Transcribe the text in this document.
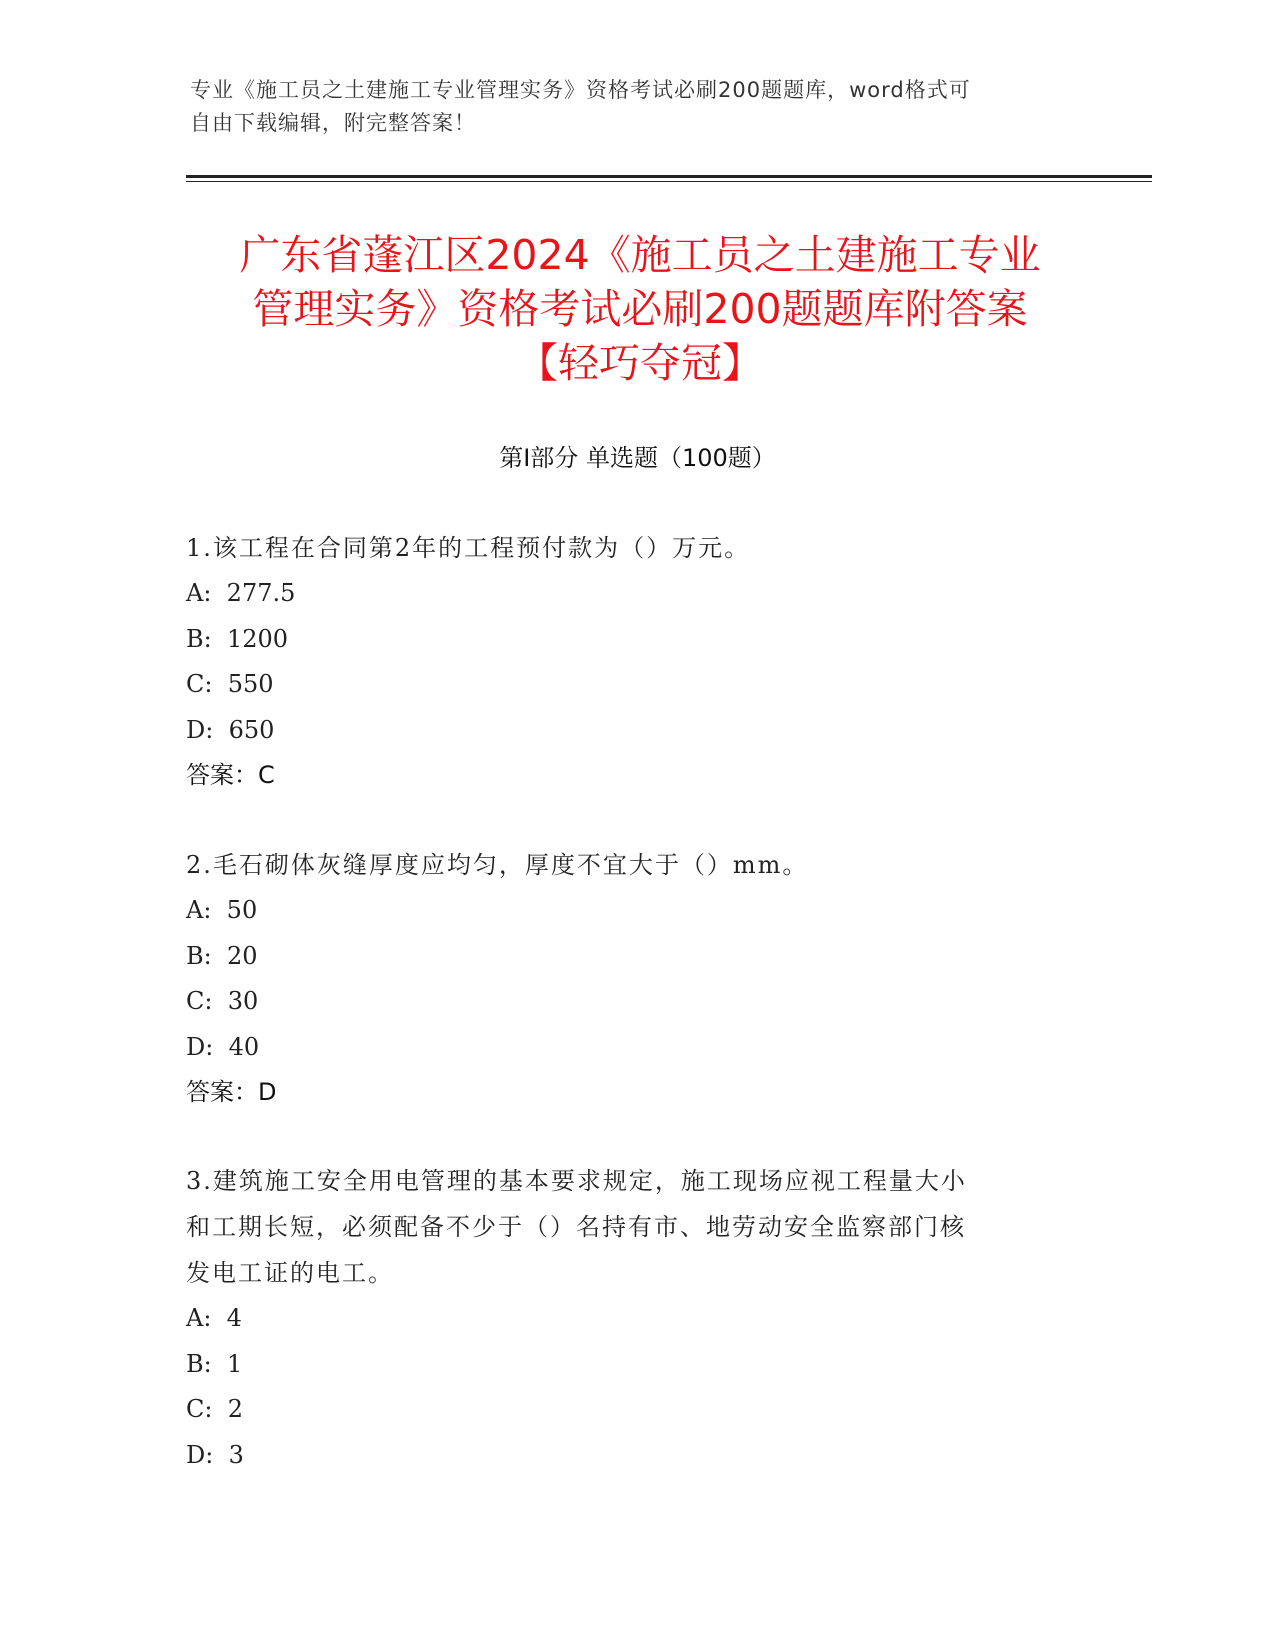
专业《施工员之土建施工专业管理实务》资格考试必刷200题题库，word格式可
自由下载编辑，附完整答案！
广东省蓬江区2024《施工员之土建施工专业
管理实务》资格考试必刷200题题库附答案
【轻巧夺冠】
第Ⅰ部分 单选题（100题）
1.该工程在合同第2年的工程预付款为（）万元。
A:  277.5
B:  1200
C:  550
D:  650
答案：C
2.毛石砌体灰缝厚度应均匀，厚度不宜大于（）mm。
A:  50
B:  20
C:  30
D:  40
答案：D
3.建筑施工安全用电管理的基本要求规定，施工现场应视工程量大小
和工期长短，必须配备不少于（）名持有市、地劳动安全监察部门核
发电工证的电工。
A:  4
B:  1
C:  2
D:  3
